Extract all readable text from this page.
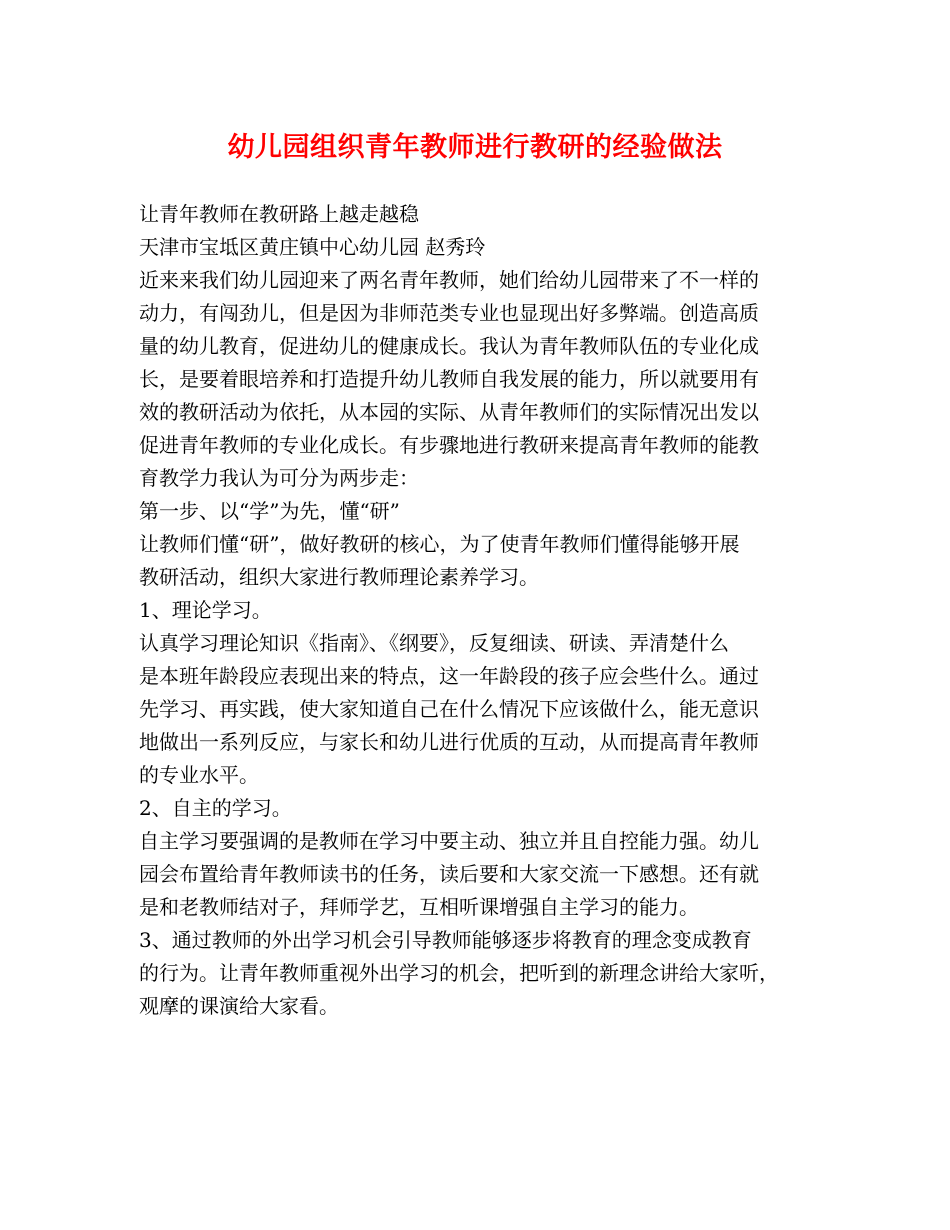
幼儿园组织青年教师进行教研的经验做法
让青年教师在教研路上越走越稳
天津市宝坻区黄庄镇中心幼儿园 赵秀玲
近来来我们幼儿园迎来了两名青年教师，她们给幼儿园带来了不一样的
动力，有闯劲儿，但是因为非师范类专业也显现出好多弊端。创造高质
量的幼儿教育，促进幼儿的健康成长。我认为青年教师队伍的专业化成
长，是要着眼培养和打造提升幼儿教师自我发展的能力，所以就要用有
效的教研活动为依托，从本园的实际、从青年教师们的实际情况出发以
促进青年教师的专业化成长。有步骤地进行教研来提高青年教师的能教
育教学力我认为可分为两步走：
第一步、以“学”为先，懂“研”
让教师们懂“研”，做好教研的核心，为了使青年教师们懂得能够开展
教研活动，组织大家进行教师理论素养学习。
1、理论学习。
认真学习理论知识《指南》、《纲要》，反复细读、研读、弄清楚什么
是本班年龄段应表现出来的特点，这一年龄段的孩子应会些什么。通过
先学习、再实践，使大家知道自己在什么情况下应该做什么，能无意识
地做出一系列反应，与家长和幼儿进行优质的互动，从而提高青年教师
的专业水平。
2、自主的学习。
自主学习要强调的是教师在学习中要主动、独立并且自控能力强。幼儿
园会布置给青年教师读书的任务，读后要和大家交流一下感想。还有就
是和老教师结对子，拜师学艺，互相听课增强自主学习的能力。
3、通过教师的外出学习机会引导教师能够逐步将教育的理念变成教育
的行为。让青年教师重视外出学习的机会，把听到的新理念讲给大家听，
观摩的课演给大家看。
